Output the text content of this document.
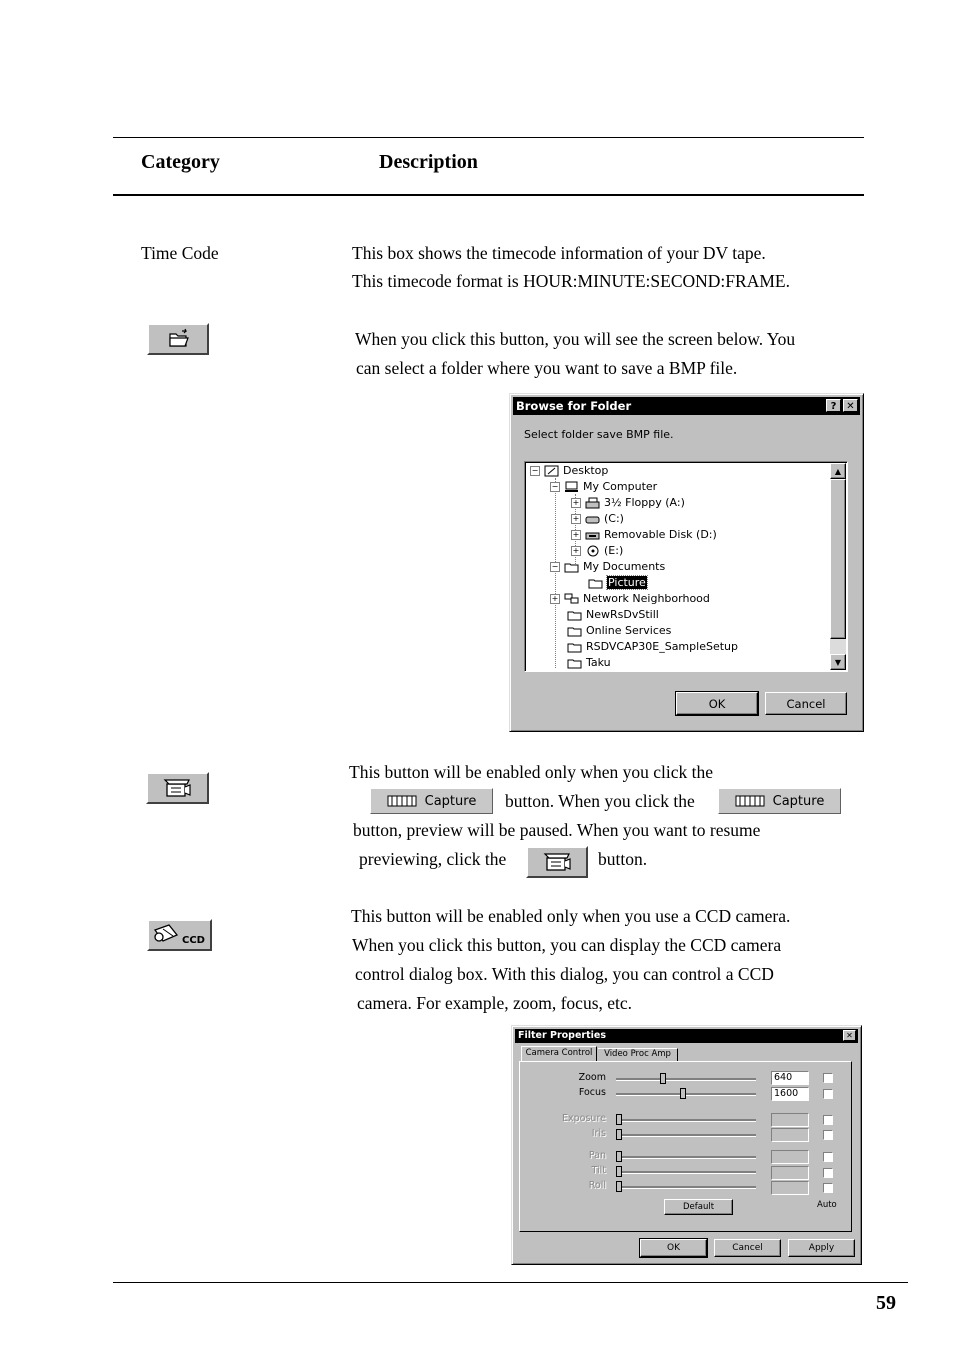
Category	Description
Time Code	This box shows the timecode information of your DV tape.
This timecode format is HOUR:MINUTE:SECOND:FRAME.
When you click this button, you will see the screen below. You
can select a folder where you want to save a BMP file.
Browse for Folder	? ✕
Select folder save BMP file.
− Desktop
− My Computer
+ 3½ Floppy (A:)
+ (C:)
+ Removable Disk (D:)
+ (E:)
− My Documents
Picture
+ Network Neighborhood
NewRsDvStill
Online Services
RSDVCAP30E_SampleSetup
Taku
▲
▼
OK	Cancel
This button will be enabled only when you click the
Capture button. When you click the	Capture
button, preview will be paused. When you want to resume
previewing, click the	button.
CCD
This button will be enabled only when you use a CCD camera.
When you click this button, you can display the CCD camera
control dialog box. With this dialog, you can control a CCD
camera. For example, zoom, focus, etc.
Filter Properties	✕
Camera Control	Video Proc Amp
Zoom	640
Focus	1600
Exposure
Iris
Pan
Tilt
Roll
Default	Auto
OK	Cancel	Apply
59
